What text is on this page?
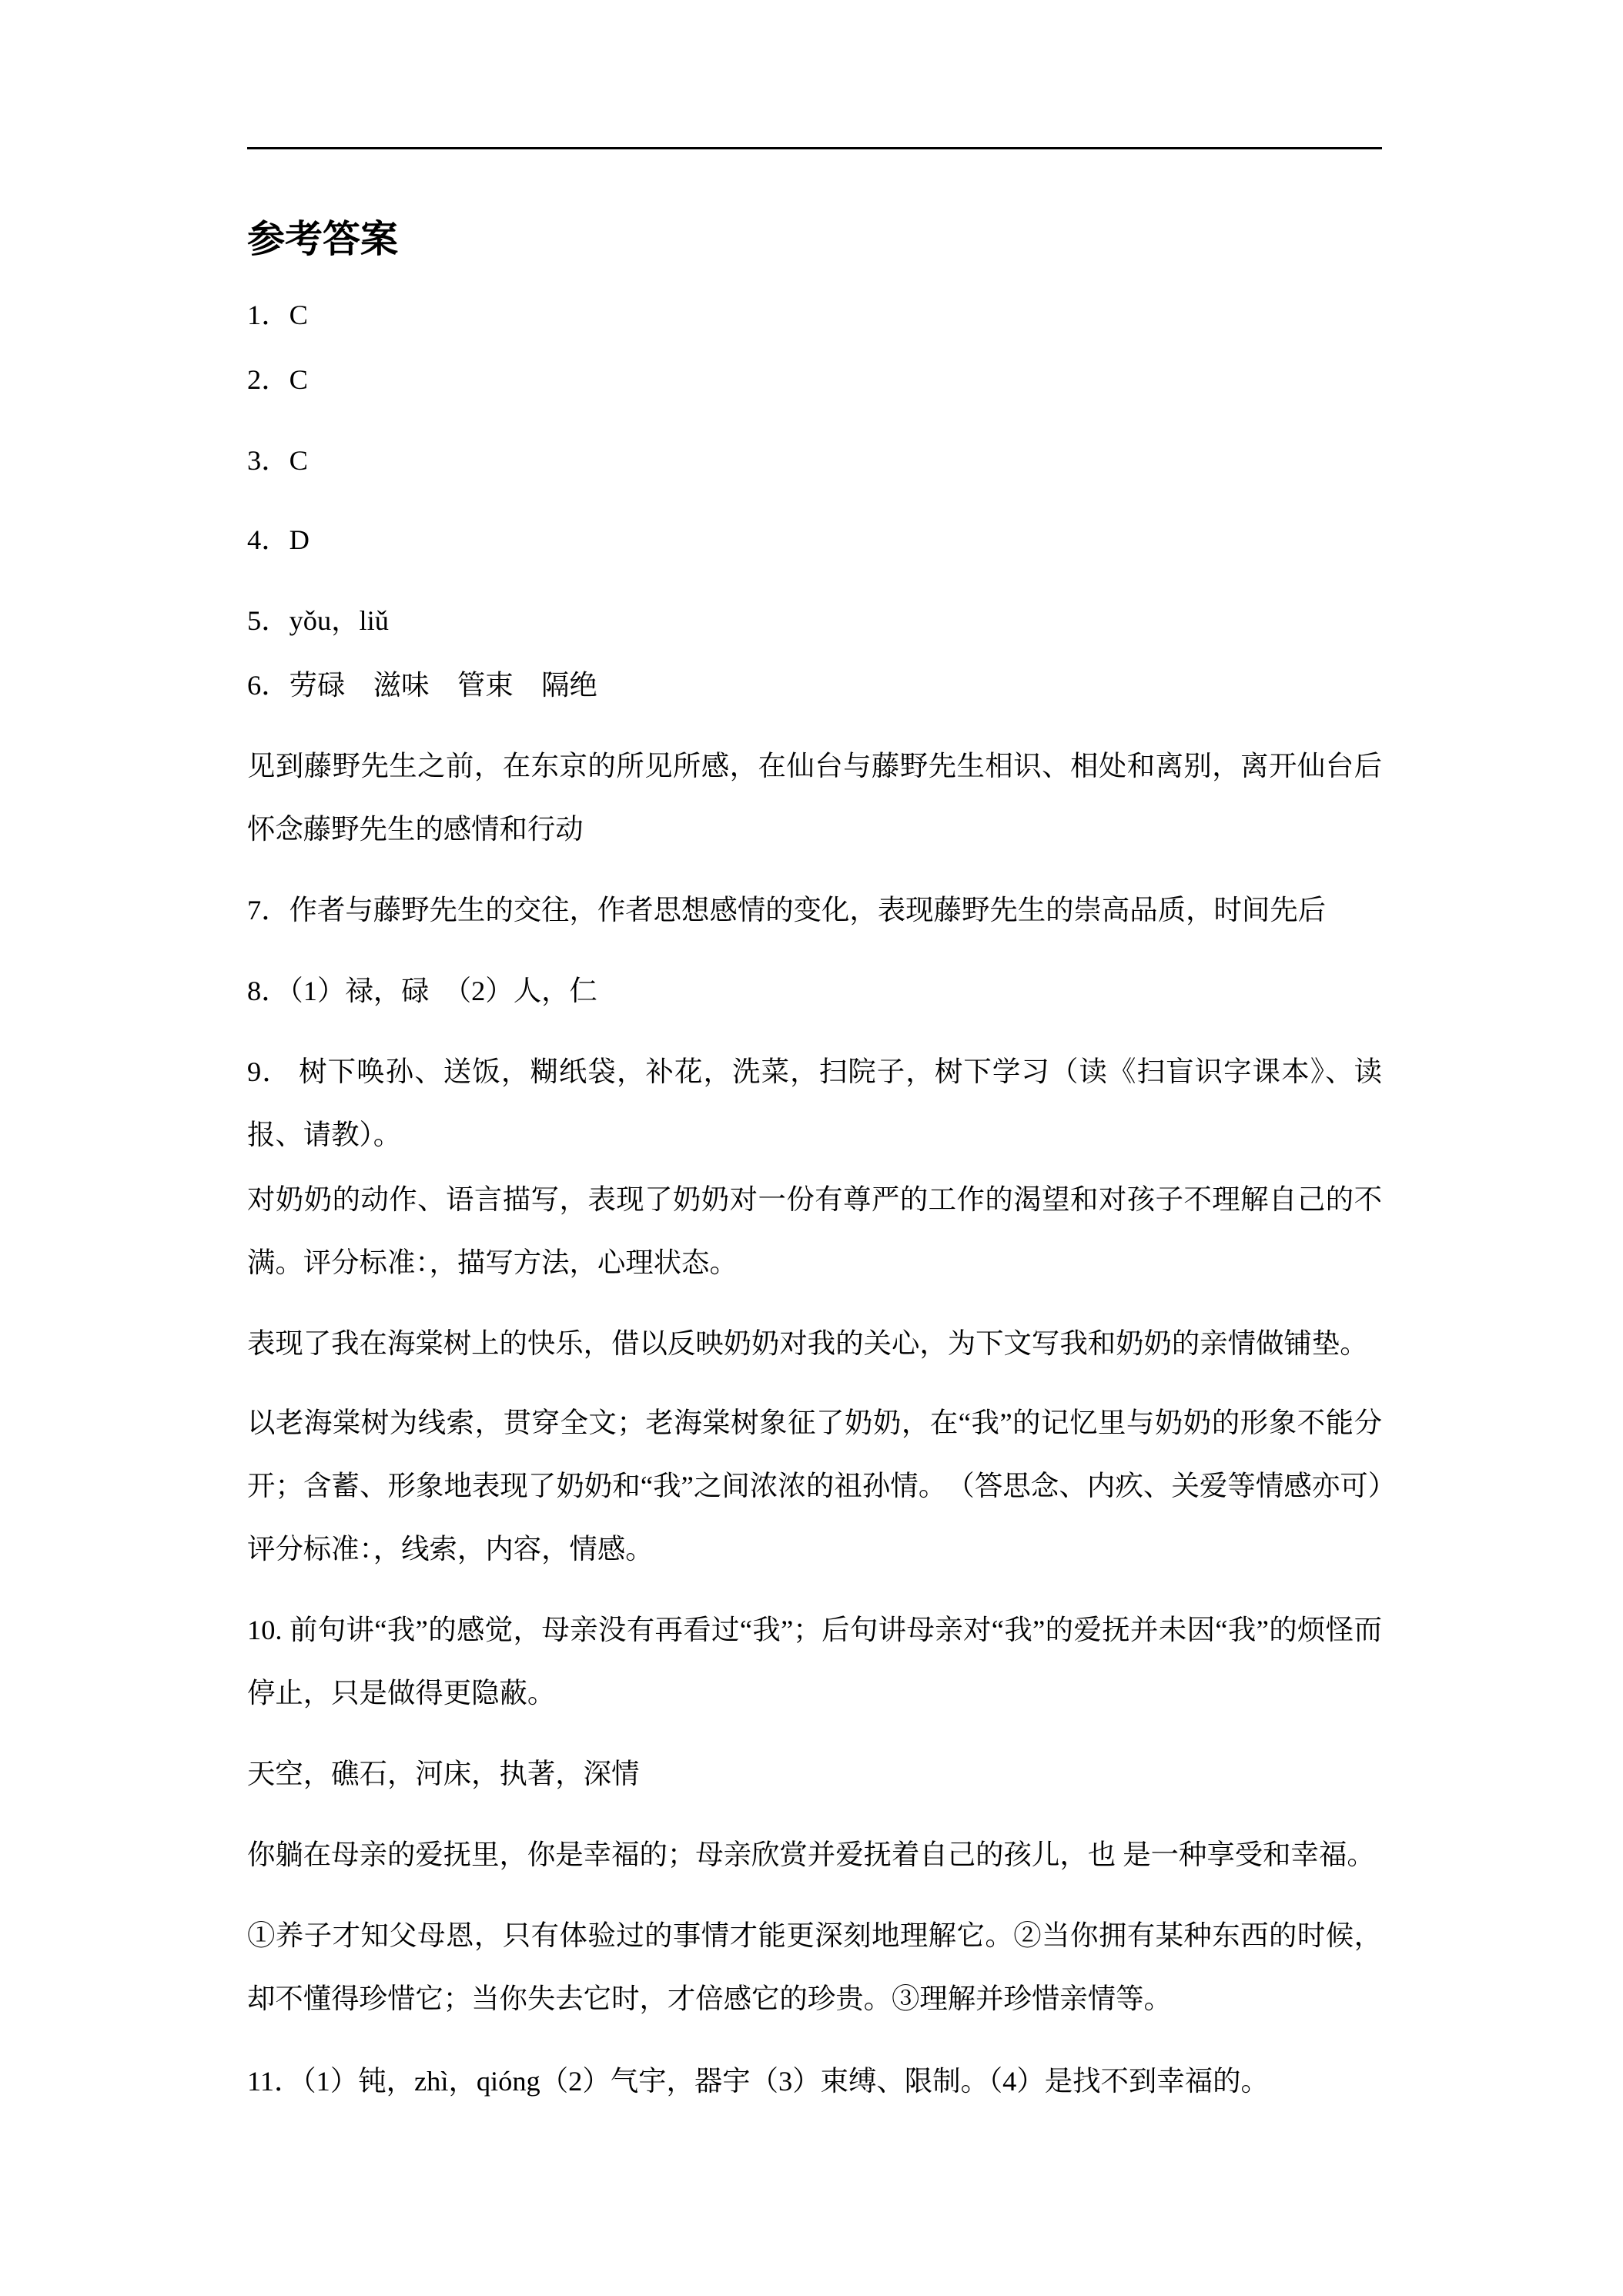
参考答案

1．C

2．C

3．C

4．D

5．yǒu，liǔ

6．劳碌　滋味　管束　隔绝

见到藤野先生之前，在东京的所见所感，在仙台与藤野先生相识、相处和离别，离开仙台后怀念藤野先生的感情和行动

7．作者与藤野先生的交往，作者思想感情的变化，表现藤野先生的崇高品质，时间先后

8．（1）禄，碌　（2）人，仁

9． 树下唤孙、送饭，糊纸袋，补花，洗菜，扫院子，树下学习（读《扫盲识字课本》、读报、请教）。

对奶奶的动作、语言描写，表现了奶奶对一份有尊严的工作的渴望和对孩子不理解自己的不满。评分标准：，描写方法，心理状态。

表现了我在海棠树上的快乐，借以反映奶奶对我的关心，为下文写我和奶奶的亲情做铺垫。

以老海棠树为线索，贯穿全文；老海棠树象征了奶奶，在“我”的记忆里与奶奶的形象不能分开；含蓄、形象地表现了奶奶和“我”之间浓浓的祖孙情。　（答思念、内疚、关爱等情感亦可）评分标准：，线索，内容，情感。

10. 前句讲“我”的感觉，母亲没有再看过“我”；后句讲母亲对“我”的爱抚并未因“我”的烦怪而停止，只是做得更隐蔽。

天空，礁石，河床，执著，深情

你躺在母亲的爱抚里，你是幸福的；母亲欣赏并爱抚着自己的孩儿，也 是一种享受和幸福。

①养子才知父母恩，只有体验过的事情才能更深刻地理解它。②当你拥有某种东西的时候，却不懂得珍惜它；当你失去它时，才倍感它的珍贵。③理解并珍惜亲情等。

11．（1）钝，zhì，qióng（2）气宇，器宇（3）束缚、限制。（4）是找不到幸福的。
